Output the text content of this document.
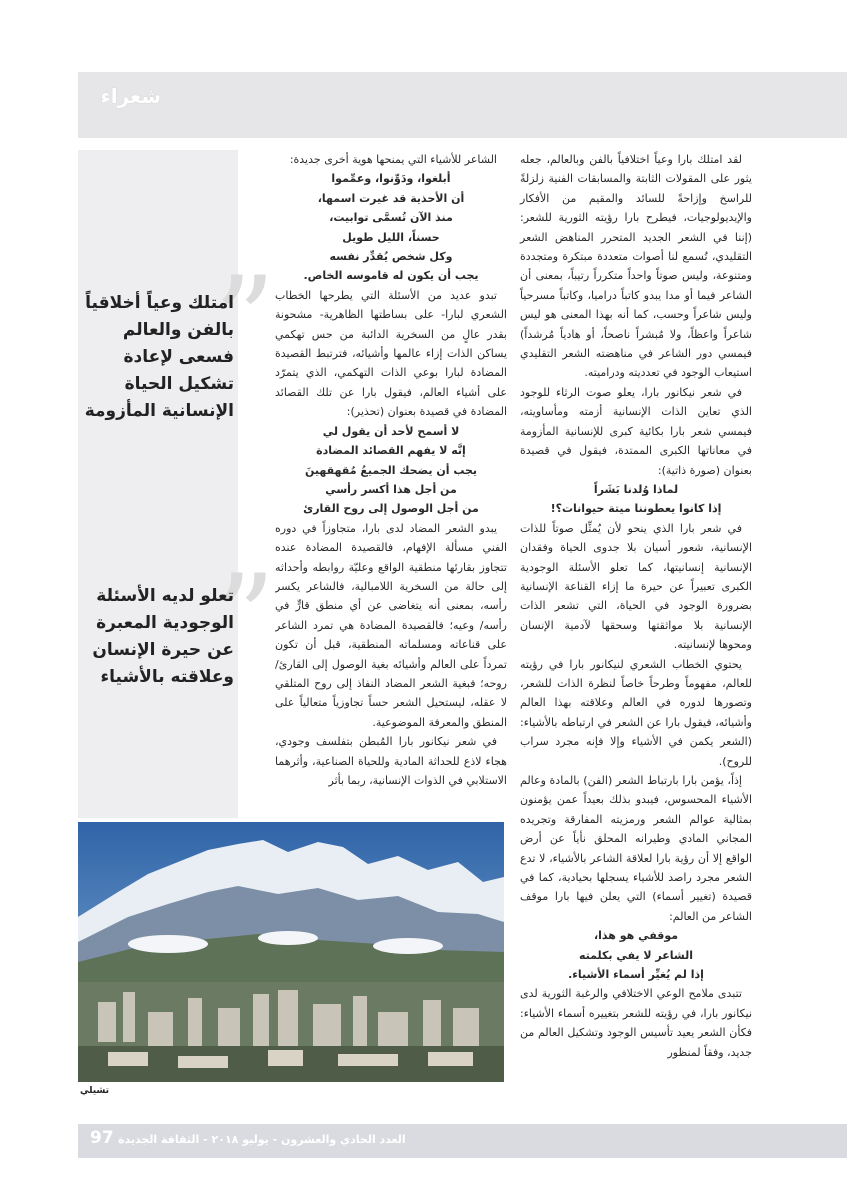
شعراء
”
امتلك وعياً أخلاقياً بالفن والعالم فسعى لإعادة تشكيل الحياة الإنسانية المأزومة
”
تعلو لديه الأسئلة الوجودية المعبرة عن حيرة الإنسان وعلاقته بالأشياء

لقد امتلك بارا وعياً اختلافياً بالفن وبالعالم، جعله يثور على المقولات الثابتة والمسابقات الفنية زلزلةً للراسخ وإزاحةً للسائد والمقيم من الأفكار والإيديولوجيات، فيطرح بارا رؤيته الثورية للشعر: (إننا في الشعر الجديد المتحرر المناهض الشعر التقليدي، تُسمع لنا أصوات متعددة مبتكرة ومتجددة ومتنوعة، وليس صوتاً واحداً متكرراً رتيباً، بمعنى أن الشاعر فيما أو مدا يبدو كاتباً دراميا، وكاتباً مسرحياً وليس شاعراً وحسب، كما أنه بهذا المعنى هو ليس شاعراً واعظاً، ولا مُبشراً ناصحاً، أو هادياً مُرشداً) فيمسي دور الشاعر في مناهضته الشعر التقليدي استيعاب الوجود في تعدديته ودراميته.

في شعر نيكانور بارا، يعلو صوت الرثاء للوجود الذي تعاين الذات الإنسانية أزمته ومأساويته، فيمسي شعر بارا بكائية كبرى للإنسانية المأزومة في معاناتها الكبرى الممتدة، فيقول في قصيدة بعنوان (صورة ذاتية):

لماذا وُلدنا بَشَراً

إذا كانوا يعطوننا ميتة حيوانات؟!

في شعر بارا الذي ينحو لأن يُمثِّل صوتاً للذات الإنسانية، شعور أسيان بلا جدوى الحياة وفقدان الإنسانية إنسانيتها، كما تعلو الأسئلة الوجودية الكبرى تعبيراً عن حيرة ما إزاء القناعة الإنسانية بضرورة الوجود في الحياة، التي تشعر الذات الإنسانية بلا مواثقتها وسحقها لآدمية الإنسان ومحوها لإنسانيته.

يحتوي الخطاب الشعري لنيكانور بارا في رؤيته للعالم، مفهوماً وطرحاً خاصاً لنظرة الذات للشعر، وتصورها لدوره في العالم وعلاقته بهذا العالم وأشيائه، فيقول بارا عن الشعر في ارتباطه بالأشياء: (الشعر يكمن في الأشياء وإلا فإنه مجرد سراب للروح).

إذاً، يؤمن بارا بارتباط الشعر (الفن) بالمادة وعالم الأشياء المحسوس، فيبدو بذلك بعيداً عمن يؤمنون بمثالية عوالم الشعر ورمزيته المفارقة وتجريده المجاني المادي وطيرانه المحلق نأياً عن أرض الواقع إلا أن رؤية بارا لعلاقة الشاعر بالأشياء، لا تدع الشعر مجرد راصد للأشياء يسجلها بحيادية، كما في قصيدة (تغيير أسماء) التي يعلن فيها بارا موقف الشاعر من العالم:

موقفي هو هذا،

الشاعر لا يفي بكلمته

إذا لم يُغيِّر أسماء الأشياء.

تتبدى ملامح الوعي الاختلافي والرغبة الثورية لدى نيكانور بارا، في رؤيته للشعر بتغييره أسماء الأشياء: فكأن الشعر يعيد تأسيس الوجود وتشكيل العالم من جديد، وفقاً لمنظور

الشاعر للأشياء التي يمنحها هوية أخرى جديدة:

أبلغوا، ودَوِّنوا، وعمِّموا

أن الأحذية قد غيرت اسمها،

منذ الآن تُسمَّى توابيت،

حسناً، الليل طويل

وكل شخص يُقدِّر نفسه

يجب أن يكون له قاموسه الخاص.

تبدو عديد من الأسئلة التي يطرحها الخطاب الشعري لبارا- على بساطتها الظاهرية- مشحونة بقدر عالٍ من السخرية الدائبة من حس تهكمي يساكن الذات إزاء عالمها وأشيائه، فترتبط القصيدة المضادة لبارا بوعي الذات التهكمي، الذي يتمرّد على أشياء العالم، فيقول بارا عن تلك القصائد المضادة في قصيدة بعنوان (تحذير):

لا أسمح لأحد أن يقول لي

إنَّه لا يفهم القصائد المضادة

يجب أن يضحك الجميعُ مُقهقهينَ

من أجل هذا أكسر رأسي

من أجل الوصول إلى روح القارئ

يبدو الشعر المضاد لدى بارا، متجاوزاً في دوره الفني مسألة الإفهام، فالقصيدة المضادة عنده تتجاوز بقارئها منطقية الواقع وعليّة روابطه وأحداثه إلى حالة من السخرية اللامبالية، فالشاعر يكسر رأسه، بمعنى أنه يتغاضى عن أي منطق قارٍّ في رأسه/ وعيه؛ فالقصيدة المضادة هي تمرد الشاعر على قناعاته ومسلماته المنطقية، قبل أن تكون تمرداً على العالم وأشيائه بغية الوصول إلى القارئ/ روحه؛ فبغية الشعر المضاد النفاذ إلى روح المتلقي لا عقله، ليستحيل الشعر حساً تجاوزياً متعالياً على المنطق والمعرفة الموضوعية.

في شعر نيكانور بارا المُبطن بتفلسف وجودي، هجاء لاذع للحداثة المادية وللحياة الصناعية، وأثرهما الاستلابي في الذوات الإنسانية، ربما بأثر

تشيلي
97 العدد الحادي والعشرون - يوليو ٢٠١٨ - الثقافة الجديدة
